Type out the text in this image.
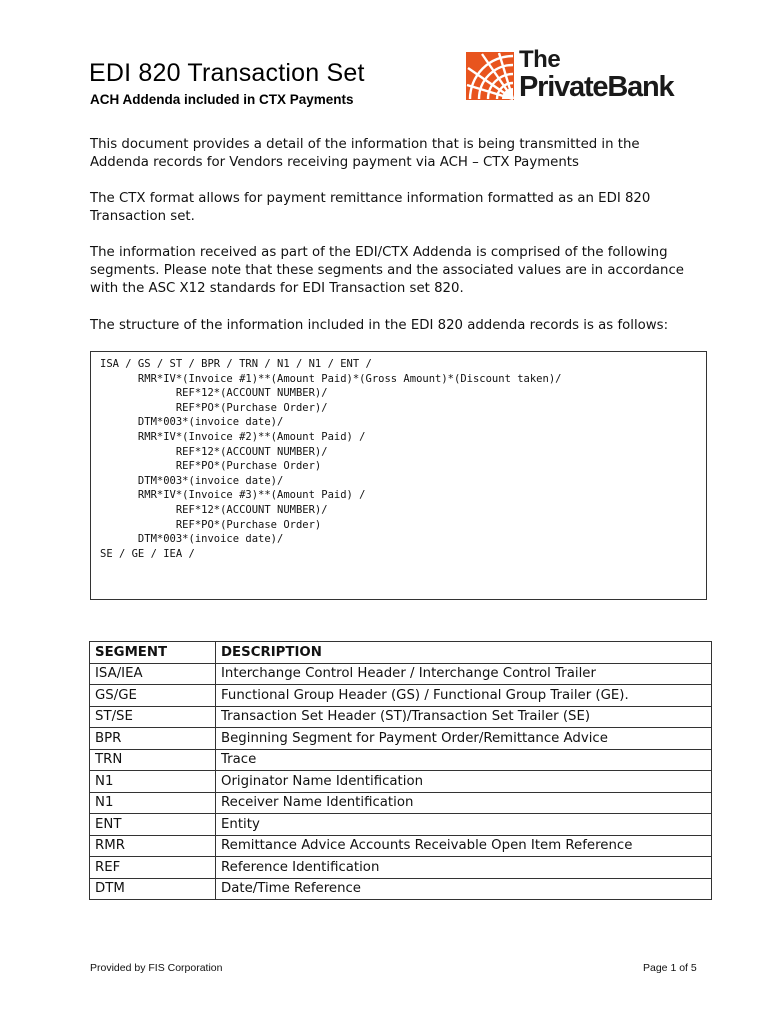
EDI 820 Transaction Set
ACH Addenda included in CTX Payments
The
PrivateBank
This document provides a detail of the information that is being transmitted in the Addenda records for Vendors receiving payment via ACH – CTX Payments
The CTX format allows for payment remittance information formatted as an EDI 820 Transaction set.
The information received as part of the EDI/CTX Addenda is comprised of the following segments. Please note that these segments and the associated values are in accordance with the ASC X12 standards for EDI Transaction set 820.
The structure of the information included in the EDI 820 addenda records is as follows:
ISA / GS / ST / BPR / TRN / N1 / N1 / ENT /
RMR*IV*(Invoice #1)**(Amount Paid)*(Gross Amount)*(Discount taken)/
REF*12*(ACCOUNT NUMBER)/
REF*PO*(Purchase Order)/
DTM*003*(invoice date)/
RMR*IV*(Invoice #2)**(Amount Paid) /
REF*12*(ACCOUNT NUMBER)/
REF*PO*(Purchase Order)
DTM*003*(invoice date)/
RMR*IV*(Invoice #3)**(Amount Paid) /
REF*12*(ACCOUNT NUMBER)/
REF*PO*(Purchase Order)
DTM*003*(invoice date)/
SE / GE / IEA /
SEGMENT	DESCRIPTION
ISA/IEA	Interchange Control Header / Interchange Control Trailer
GS/GE	Functional Group Header (GS) / Functional Group Trailer (GE).
ST/SE	Transaction Set Header (ST)/Transaction Set Trailer (SE)
BPR	Beginning Segment for Payment Order/Remittance Advice
TRN	Trace
N1	Originator Name Identification
N1	Receiver Name Identification
ENT	Entity
RMR	Remittance Advice Accounts Receivable Open Item Reference
REF	Reference Identification
DTM	Date/Time Reference
Provided by FIS Corporation	Page 1 of 5
